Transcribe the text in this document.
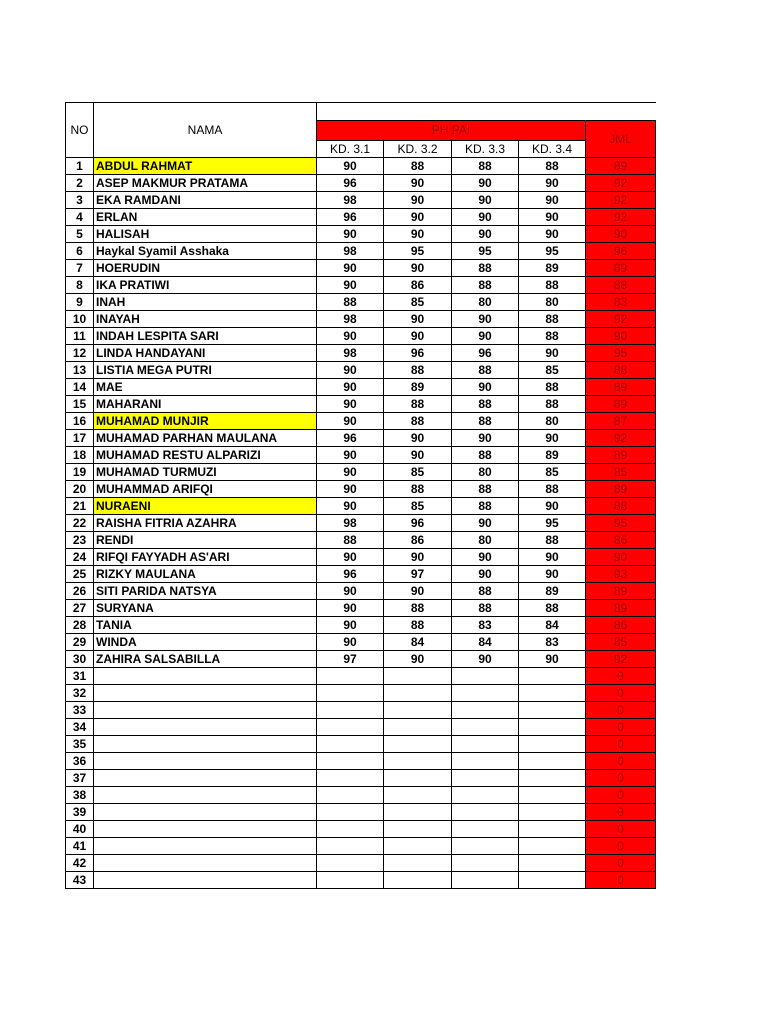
NO	NAMA					
		PH PAI				JML
		KD. 3.1	KD. 3.2	KD. 3.3	KD. 3.4	
1	ABDUL RAHMAT	90	88	88	88	89
2	ASEP MAKMUR PRATAMA	96	90	90	90	92
3	EKA RAMDANI	98	90	90	90	92
4	ERLAN	96	90	90	90	92
5	HALISAH	90	90	90	90	90
6	Haykal Syamil Asshaka	98	95	95	95	96
7	HOERUDIN	90	90	88	89	89
8	IKA PRATIWI	90	86	88	88	88
9	INAH	88	85	80	80	83
10	INAYAH	98	90	90	88	92
11	INDAH LESPITA SARI	90	90	90	88	90
12	LINDA HANDAYANI	98	96	96	90	95
13	LISTIA MEGA PUTRI	90	88	88	85	88
14	MAE	90	89	90	88	89
15	MAHARANI	90	88	88	88	89
16	MUHAMAD MUNJIR	90	88	88	80	87
17	MUHAMAD PARHAN MAULANA	96	90	90	90	92
18	MUHAMAD RESTU ALPARIZI	90	90	88	89	89
19	MUHAMAD TURMUZI	90	85	80	85	85
20	MUHAMMAD ARIFQI	90	88	88	88	89
21	NURAENI	90	85	88	90	88
22	RAISHA FITRIA AZAHRA	98	96	90	95	95
23	RENDI	88	86	80	88	86
24	RIFQI FAYYADH AS'ARI	90	90	90	90	90
25	RIZKY MAULANA	96	97	90	90	93
26	SITI PARIDA NATSYA	90	90	88	89	89
27	SURYANA	90	88	88	88	89
28	TANIA	90	88	83	84	86
29	WINDA	90	84	84	83	85
30	ZAHIRA SALSABILLA	97	90	90	90	92
31						0
32						0
33						0
34						0
35						0
36						0
37						0
38						0
39						0
40						0
41						0
42						0
43						0
